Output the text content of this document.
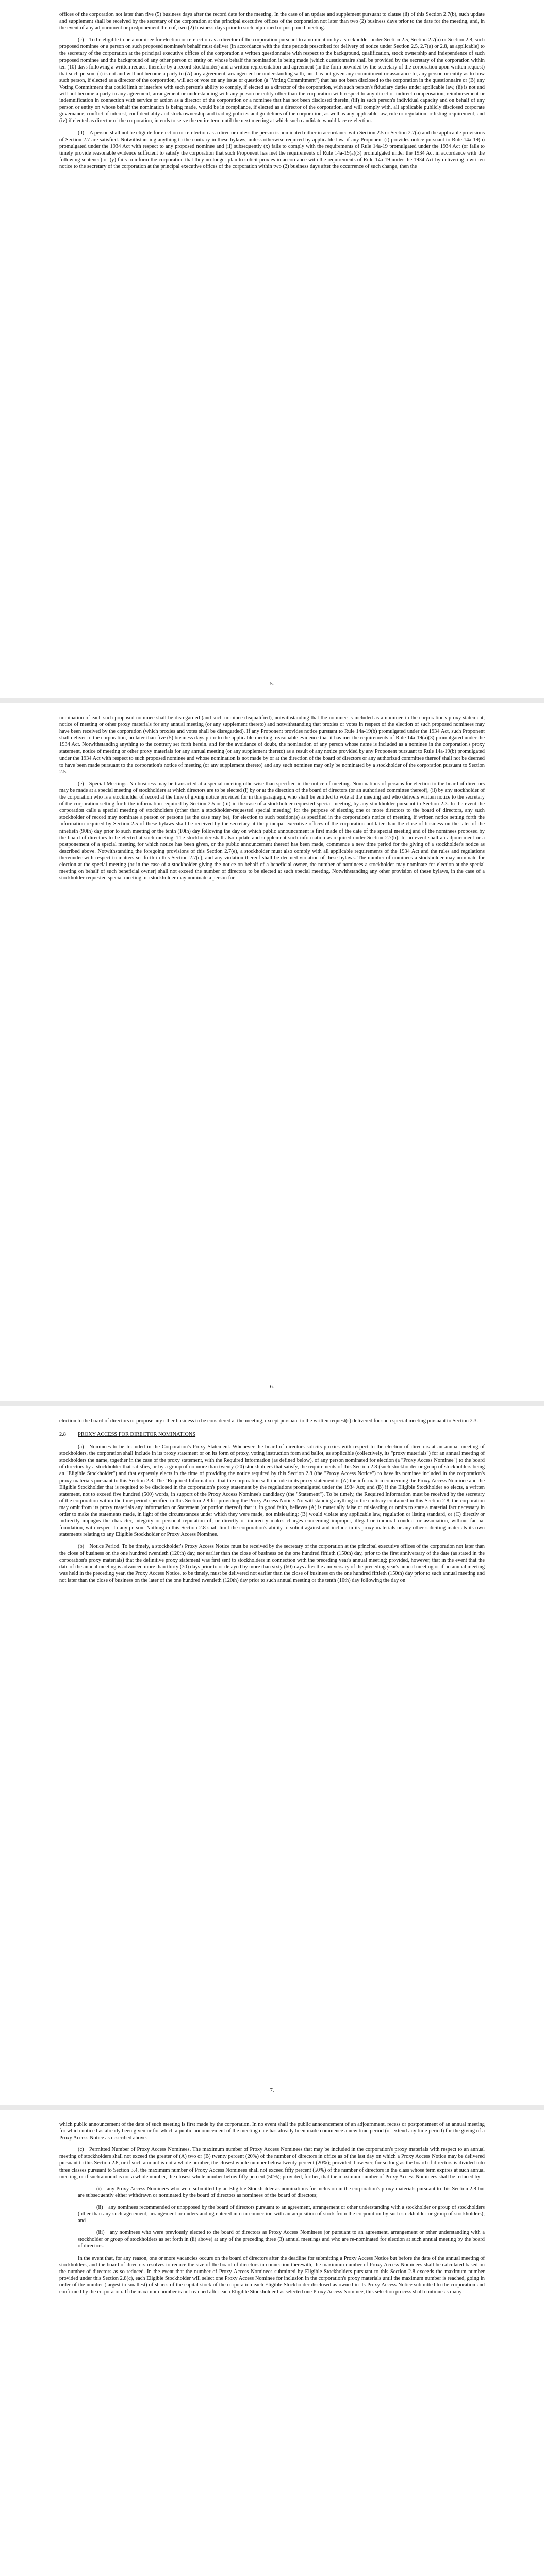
offices of the corporation not later than five (5) business days after the record date for the meeting. In the case of an update and supplement pursuant to clause (ii) of this Section 2.7(b), such update and supplement shall be received by the secretary of the corporation at the principal executive offices of the corporation not later than two (2) business days prior to the date for the meeting, and, in the event of any adjournment or postponement thereof, two (2) business days prior to such adjourned or postponed meeting.

(c) To be eligible to be a nominee for election or re-election as a director of the corporation pursuant to a nomination by a stockholder under Section 2.5, Section 2.7(a) or Section 2.8, such proposed nominee or a person on such proposed nominee's behalf must deliver (in accordance with the time periods prescribed for delivery of notice under Section 2.5, 2.7(a) or 2.8, as applicable) to the secretary of the corporation at the principal executive offices of the corporation a written questionnaire with respect to the background, qualification, stock ownership and independence of such proposed nominee and the background of any other person or entity on whose behalf the nomination is being made (which questionnaire shall be provided by the secretary of the corporation within ten (10) days following a written request therefor by a record stockholder) and a written representation and agreement (in the form provided by the secretary of the corporation upon written request) that such person: (i) is not and will not become a party to (A) any agreement, arrangement or understanding with, and has not given any commitment or assurance to, any person or entity as to how such person, if elected as a director of the corporation, will act or vote on any issue or question (a "Voting Commitment") that has not been disclosed to the corporation in the questionnaire or (B) any Voting Commitment that could limit or interfere with such person's ability to comply, if elected as a director of the corporation, with such person's fiduciary duties under applicable law, (ii) is not and will not become a party to any agreement, arrangement or understanding with any person or entity other than the corporation with respect to any direct or indirect compensation, reimbursement or indemnification in connection with service or action as a director of the corporation or a nominee that has not been disclosed therein, (iii) in such person's individual capacity and on behalf of any person or entity on whose behalf the nomination is being made, would be in compliance, if elected as a director of the corporation, and will comply with, all applicable publicly disclosed corporate governance, conflict of interest, confidentiality and stock ownership and trading policies and guidelines of the corporation, as well as any applicable law, rule or regulation or listing requirement, and (iv) if elected as director of the corporation, intends to serve the entire term until the next meeting at which such candidate would face re-election.

(d) A person shall not be eligible for election or re-election as a director unless the person is nominated either in accordance with Section 2.5 or Section 2.7(a) and the applicable provisions of Section 2.7 are satisfied. Notwithstanding anything to the contrary in these bylaws, unless otherwise required by applicable law, if any Proponent (i) provides notice pursuant to Rule 14a-19(b) promulgated under the 1934 Act with respect to any proposed nominee and (ii) subsequently (x) fails to comply with the requirements of Rule 14a-19 promulgated under the 1934 Act (or fails to timely provide reasonable evidence sufficient to satisfy the corporation that such Proponent has met the requirements of Rule 14a-19(a)(3) promulgated under the 1934 Act in accordance with the following sentence) or (y) fails to inform the corporation that they no longer plan to solicit proxies in accordance with the requirements of Rule 14a-19 under the 1934 Act by delivering a written notice to the secretary of the corporation at the principal executive offices of the corporation within two (2) business days after the occurrence of such change, then the

5.

nomination of each such proposed nominee shall be disregarded (and such nominee disqualified), notwithstanding that the nominee is included as a nominee in the corporation's proxy statement, notice of meeting or other proxy materials for any annual meeting (or any supplement thereto) and notwithstanding that proxies or votes in respect of the election of such proposed nominees may have been received by the corporation (which proxies and votes shall be disregarded). If any Proponent provides notice pursuant to Rule 14a-19(b) promulgated under the 1934 Act, such Proponent shall deliver to the corporation, no later than five (5) business days prior to the applicable meeting, reasonable evidence that it has met the requirements of Rule 14a-19(a)(3) promulgated under the 1934 Act. Notwithstanding anything to the contrary set forth herein, and for the avoidance of doubt, the nomination of any person whose name is included as a nominee in the corporation's proxy statement, notice of meeting or other proxy materials for any annual meeting (or any supplement thereto) as a result of any notice provided by any Proponent pursuant to Rule 14a-19(b) promulgated under the 1934 Act with respect to such proposed nominee and whose nomination is not made by or at the direction of the board of directors or any authorized committee thereof shall not be deemed to have been made pursuant to the corporation's notice of meeting (or any supplement thereto) and any such nominee may only be nominated by a stockholder of the corporation pursuant to Section 2.5.

(e) Special Meetings. No business may be transacted at a special meeting otherwise than specified in the notice of meeting. Nominations of persons for election to the board of directors may be made at a special meeting of stockholders at which directors are to be elected (i) by or at the direction of the board of directors (or an authorized committee thereof), (ii) by any stockholder of the corporation who is a stockholder of record at the time of giving notice provided for in this paragraph, who shall be entitled to vote at the meeting and who delivers written notice to the secretary of the corporation setting forth the information required by Section 2.5 or (iii) in the case of a stockholder-requested special meeting, by any stockholder pursuant to Section 2.3. In the event the corporation calls a special meeting of stockholders (other than a stockholder-requested special meeting) for the purpose of electing one or more directors to the board of directors, any such stockholder of record may nominate a person or persons (as the case may be), for election to such position(s) as specified in the corporation's notice of meeting, if written notice setting forth the information required by Section 2.5 of these bylaws shall be received by the secretary at the principal executive offices of the corporation not later than the close of business on the later of the ninetieth (90th) day prior to such meeting or the tenth (10th) day following the day on which public announcement is first made of the date of the special meeting and of the nominees proposed by the board of directors to be elected at such meeting. The stockholder shall also update and supplement such information as required under Section 2.7(b). In no event shall an adjournment or a postponement of a special meeting for which notice has been given, or the public announcement thereof has been made, commence a new time period for the giving of a stockholder's notice as described above. Notwithstanding the foregoing provisions of this Section 2.7(e), a stockholder must also comply with all applicable requirements of the 1934 Act and the rules and regulations thereunder with respect to matters set forth in this Section 2.7(e), and any violation thereof shall be deemed violation of these bylaws. The number of nominees a stockholder may nominate for election at the special meeting (or in the case of a stockholder giving the notice on behalf of a beneficial owner, the number of nominees a stockholder may nominate for election at the special meeting on behalf of such beneficial owner) shall not exceed the number of directors to be elected at such special meeting. Notwithstanding any other provision of these bylaws, in the case of a stockholder-requested special meeting, no stockholder may nominate a person for

6.

election to the board of directors or propose any other business to be considered at the meeting, except pursuant to the written request(s) delivered for such special meeting pursuant to Section 2.3.

2.8 PROXY ACCESS FOR DIRECTOR NOMINATIONS

(a) Nominees to be Included in the Corporation's Proxy Statement. Whenever the board of directors solicits proxies with respect to the election of directors at an annual meeting of stockholders, the corporation shall include in its proxy statement or on its form of proxy, voting instruction form and ballot, as applicable (collectively, its "proxy materials") for an annual meeting of stockholders the name, together in the case of the proxy statement, with the Required Information (as defined below), of any person nominated for election (a "Proxy Access Nominee") to the board of directors by a stockholder that satisfies, or by a group of no more than twenty (20) stockholders that satisfy, the requirements of this Section 2.8 (such stockholder or group of stockholders being an "Eligible Stockholder") and that expressly elects in the time of providing the notice required by this Section 2.8 (the "Proxy Access Notice") to have its nominee included in the corporation's proxy materials pursuant to this Section 2.8. The "Required Information" that the corporation will include in its proxy statement is (A) the information concerning the Proxy Access Nominee and the Eligible Stockholder that is required to be disclosed in the corporation's proxy statement by the regulations promulgated under the 1934 Act; and (B) if the Eligible Stockholder so elects, a written statement, not to exceed five hundred (500) words, in support of the Proxy Access Nominee's candidacy (the "Statement"). To be timely, the Required Information must be received by the secretary of the corporation within the time period specified in this Section 2.8 for providing the Proxy Access Notice. Notwithstanding anything to the contrary contained in this Section 2.8, the corporation may omit from its proxy materials any information or Statement (or portion thereof) that it, in good faith, believes (A) is materially false or misleading or omits to state a material fact necessary in order to make the statements made, in light of the circumstances under which they were made, not misleading; (B) would violate any applicable law, regulation or listing standard, or (C) directly or indirectly impugns the character, integrity or personal reputation of, or directly or indirectly makes charges concerning improper, illegal or immoral conduct or association, without factual foundation, with respect to any person. Nothing in this Section 2.8 shall limit the corporation's ability to solicit against and include in its proxy materials or any other soliciting materials its own statements relating to any Eligible Stockholder or Proxy Access Nominee.

(b) Notice Period. To be timely, a stockholder's Proxy Access Notice must be received by the secretary of the corporation at the principal executive offices of the corporation not later than the close of business on the one hundred twentieth (120th) day, nor earlier than the close of business on the one hundred fiftieth (150th) day, prior to the first anniversary of the date (as stated in the corporation's proxy materials) that the definitive proxy statement was first sent to stockholders in connection with the preceding year's annual meeting; provided, however, that in the event that the date of the annual meeting is advanced more than thirty (30) days prior to or delayed by more than sixty (60) days after the anniversary of the preceding year's annual meeting or if no annual meeting was held in the preceding year, the Proxy Access Notice, to be timely, must be delivered not earlier than the close of business on the one hundred fiftieth (150th) day prior to such annual meeting and not later than the close of business on the later of the one hundred twentieth (120th) day prior to such annual meeting or the tenth (10th) day following the day on

7.

which public announcement of the date of such meeting is first made by the corporation. In no event shall the public announcement of an adjournment, recess or postponement of an annual meeting for which notice has already been given or for which a public announcement of the meeting date has already been made commence a new time period (or extend any time period) for the giving of a Proxy Access Notice as described above.

(c) Permitted Number of Proxy Access Nominees. The maximum number of Proxy Access Nominees that may be included in the corporation's proxy materials with respect to an annual meeting of stockholders shall not exceed the greater of (A) two or (B) twenty percent (20%) of the number of directors in office as of the last day on which a Proxy Access Notice may be delivered pursuant to this Section 2.8, or if such amount is not a whole number, the closest whole number below twenty percent (20%); provided, however, for so long as the board of directors is divided into three classes pursuant to Section 3.4, the maximum number of Proxy Access Nominees shall not exceed fifty percent (50%) of the number of directors in the class whose term expires at such annual meeting, or if such amount is not a whole number, the closest whole number below fifty percent (50%); provided, further, that the maximum number of Proxy Access Nominees shall be reduced by:

(i) any Proxy Access Nominees who were submitted by an Eligible Stockholder as nominations for inclusion in the corporation's proxy materials pursuant to this Section 2.8 but are subsequently either withdrawn or nominated by the board of directors as nominees of the board of directors;

(ii) any nominees recommended or unopposed by the board of directors pursuant to an agreement, arrangement or other understanding with a stockholder or group of stockholders (other than any such agreement, arrangement or understanding entered into in connection with an acquisition of stock from the corporation by such stockholder or group of stockholders); and

(iii) any nominees who were previously elected to the board of directors as Proxy Access Nominees (or pursuant to an agreement, arrangement or other understanding with a stockholder or group of stockholders as set forth in (ii) above) at any of the preceding three (3) annual meetings and who are re-nominated for election at such annual meeting by the board of directors.

In the event that, for any reason, one or more vacancies occurs on the board of directors after the deadline for submitting a Proxy Access Notice but before the date of the annual meeting of stockholders, and the board of directors resolves to reduce the size of the board of directors in connection therewith, the maximum number of Proxy Access Nominees shall be calculated based on the number of directors as so reduced. In the event that the number of Proxy Access Nominees submitted by Eligible Stockholders pursuant to this Section 2.8 exceeds the maximum number provided under this Section 2.8(c), each Eligible Stockholder will select one Proxy Access Nominee for inclusion in the corporation's proxy materials until the maximum number is reached, going in order of the number (largest to smallest) of shares of the capital stock of the corporation each Eligible Stockholder disclosed as owned in its Proxy Access Notice submitted to the corporation and confirmed by the corporation. If the maximum number is not reached after each Eligible Stockholder has selected one Proxy Access Nominee, this selection process shall continue as many
